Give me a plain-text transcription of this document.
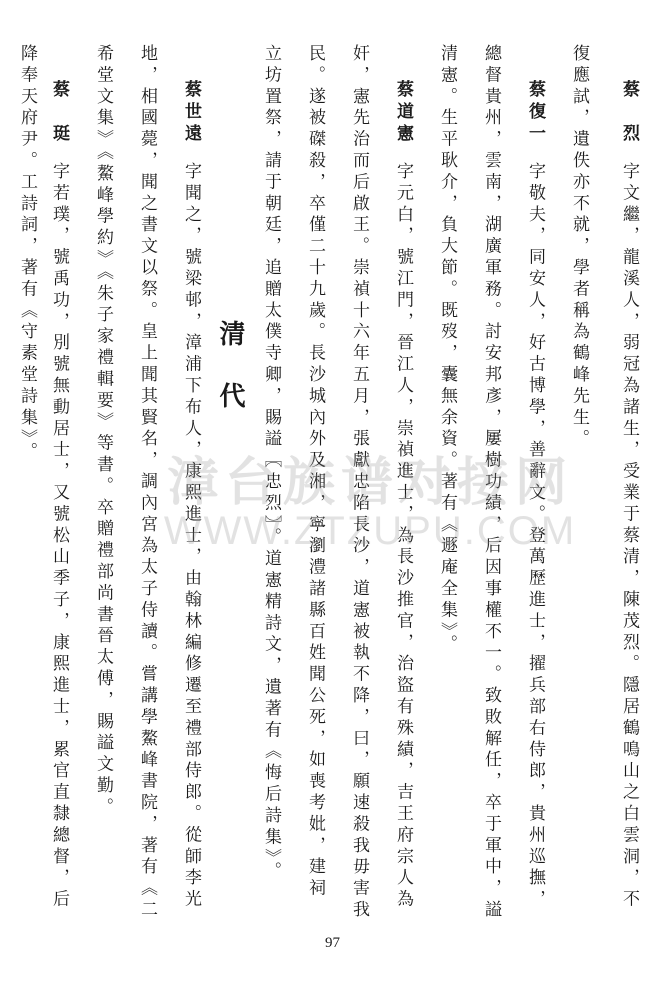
蔡　烈字文繼，龍溪人，弱冠為諸生，受業于蔡清，陳茂烈。隱居鶴鳴山之白雲洞，不
復應試，遺佚亦不就，學者稱為鶴峰先生。
蔡復一字敬夫，同安人，好古博學，善辭文。登萬歷進士，擢兵部右侍郎，貴州巡撫，
總督貴州，雲南，湖廣軍務。討安邦彥，屢樹功績，后因事權不一。致敗解任，卒于軍中，謚
清憲。生平耿介，負大節。既歿，囊無余資。著有《遯庵全集》。
蔡道憲字元白，號江門，晉江人，崇禎進士，為長沙推官，治盜有殊績，吉王府宗人為
奸，憲先治而后啟王。崇禎十六年五月，張獻忠陷長沙，道憲被執不降，曰，願速殺我毋害我
民。遂被磔殺，卒僅二十九歲。長沙城內外及湘，寧瀏澧諸縣百姓聞公死，如喪考妣，建祠
立坊置祭，請于朝廷，追贈太僕寺卿，賜謚〖忠烈〗。道憲精詩文，遺著有《悔后詩集》。
清代
蔡世遠字聞之，號梁邨，漳浦下布人，康熙進士，由翰林編修遷至禮部侍郎。從師李光
地，相國薨，聞之書文以祭。皇上聞其賢名，調內宮為太子侍讀。嘗講學鰲峰書院，著有《二
希堂文集》《鰲峰學約》《朱子家禮輯要》等書。卒贈禮部尚書晉太傅，賜謚文勤。
蔡　珽字若璞，號禹功，別號無動居士，又號松山季子，康熙進士，累官直隸總督，后
降奉天府尹。工詩詞，著有《守素堂詩集》。
漳台族谱对接网
WWW.ZTZUPU.COM
97
